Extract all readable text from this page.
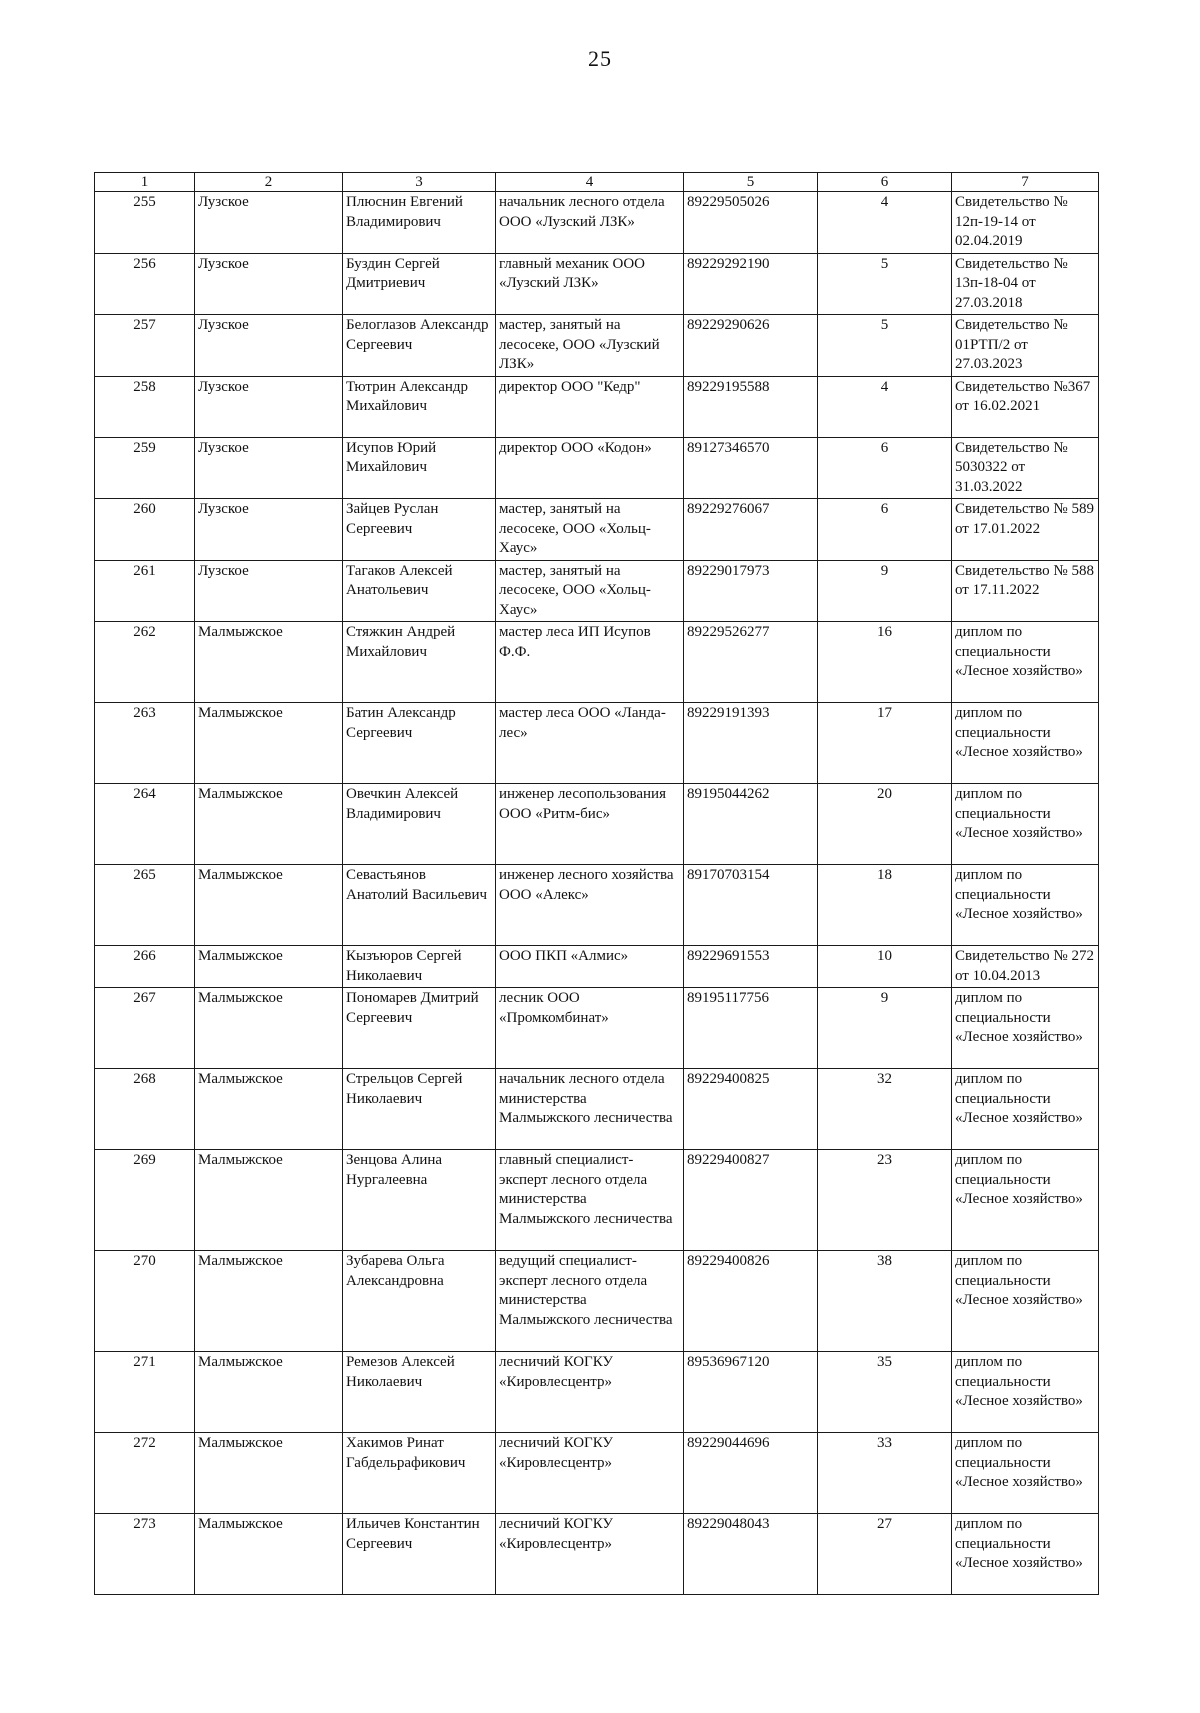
25
1	2	3	4	5	6	7
255	Лузское	Плюснин Евгений Владимирович	начальник лесного отдела ООО «Лузский ЛЗК»	89229505026	4	Свидетельство № 12п-19-14 от 02.04.2019
256	Лузское	Буздин Сергей Дмитриевич	главный механик ООО «Лузский ЛЗК»	89229292190	5	Свидетельство № 13п-18-04 от 27.03.2018
257	Лузское	Белоглазов Александр Сергеевич	мастер, занятый на лесосеке, ООО «Лузский ЛЗК»	89229290626	5	Свидетельство № 01РТП/2 от 27.03.2023
258	Лузское	Тютрин Александр Михайлович	директор ООО "Кедр"	89229195588	4	Свидетельство №367 от 16.02.2021
259	Лузское	Исупов Юрий Михайлович	директор ООО «Кодон»	89127346570	6	Свидетельство № 5030322 от 31.03.2022
260	Лузское	Зайцев Руслан Сергеевич	мастер, занятый на лесосеке, ООО «Хольц-Хаус»	89229276067	6	Свидетельство № 589 от 17.01.2022
261	Лузское	Тагаков Алексей Анатольевич	мастер, занятый на лесосеке, ООО «Хольц-Хаус»	89229017973	9	Свидетельство № 588 от 17.11.2022
262	Малмыжское	Стяжкин Андрей Михайлович	мастер леса ИП Исупов Ф.Ф.	89229526277	16	диплом по специальности «Лесное хозяйство»
263	Малмыжское	Батин Александр Сергеевич	мастер леса ООО «Ланда-лес»	89229191393	17	диплом по специальности «Лесное хозяйство»
264	Малмыжское	Овечкин Алексей Владимирович	инженер лесопользования ООО «Ритм-бис»	89195044262	20	диплом по специальности «Лесное хозяйство»
265	Малмыжское	Севастьянов Анатолий Васильевич	инженер лесного хозяйства ООО «Алекс»	89170703154	18	диплом по специальности «Лесное хозяйство»
266	Малмыжское	Кызъюров Сергей Николаевич	ООО ПКП «Алмис»	89229691553	10	Свидетельство № 272 от 10.04.2013
267	Малмыжское	Пономарев Дмитрий Сергеевич	лесник ООО «Промкомбинат»	89195117756	9	диплом по специальности «Лесное хозяйство»
268	Малмыжское	Стрельцов Сергей Николаевич	начальник лесного отдела министерства Малмыжского лесничества	89229400825	32	диплом по специальности «Лесное хозяйство»
269	Малмыжское	Зенцова Алина Нургалеевна	главный специалист-эксперт лесного отдела министерства Малмыжского лесничества	89229400827	23	диплом по специальности «Лесное хозяйство»
270	Малмыжское	Зубарева Ольга Александровна	ведущий специалист-эксперт лесного отдела министерства Малмыжского лесничества	89229400826	38	диплом по специальности «Лесное хозяйство»
271	Малмыжское	Ремезов Алексей Николаевич	лесничий КОГКУ «Кировлесцентр»	89536967120	35	диплом по специальности «Лесное хозяйство»
272	Малмыжское	Хакимов Ринат Габдельрафикович	лесничий КОГКУ «Кировлесцентр»	89229044696	33	диплом по специальности «Лесное хозяйство»
273	Малмыжское	Ильичев Константин Сергеевич	лесничий КОГКУ «Кировлесцентр»	89229048043	27	диплом по специальности «Лесное хозяйство»
